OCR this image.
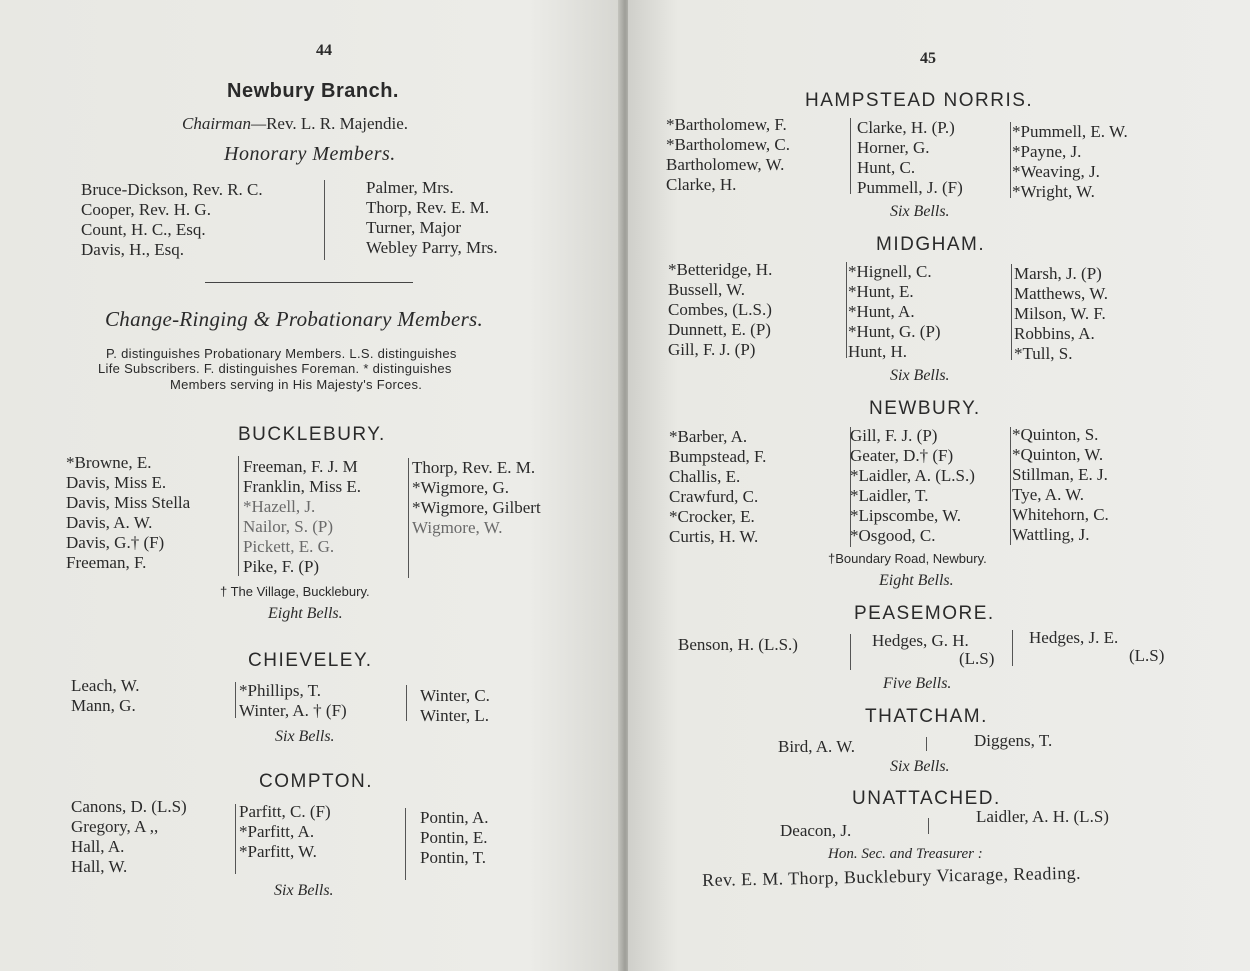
44
Newbury Branch.
Chairman—Rev. L. R. Majendie.
Honorary Members.
Bruce-Dickson, Rev. R. C.
Cooper, Rev. H. G.
Count, H. C., Esq.
Davis, H., Esq.
Palmer, Mrs.
Thorp, Rev. E. M.
Turner, Major
Webley Parry, Mrs.
Change-Ringing & Probationary Members.
P. distinguishes Probationary Members. L.S. distinguishes
Life Subscribers. F. distinguishes Foreman. * distinguishes
Members serving in His Majesty's Forces.
BUCKLEBURY.
*Browne, E.
Davis, Miss E.
Davis, Miss Stella
Davis, A. W.
Davis, G.† (F)
Freeman, F.
Freeman, F. J. M
Franklin, Miss E.
*Hazell, J.
Nailor, S. (P)
Pickett, E. G.
Pike, F. (P)
Thorp, Rev. E. M.
*Wigmore, G.
*Wigmore, Gilbert
Wigmore, W.
† The Village, Bucklebury.
Eight Bells.
CHIEVELEY.
Leach, W.
Mann, G.
*Phillips, T.
Winter, A. † (F)
Winter, C.
Winter, L.
Six Bells.
COMPTON.
Canons, D. (L.S)
Gregory, A ,,
Hall, A.
Hall, W.
Parfitt, C. (F)
*Parfitt, A.
*Parfitt, W.
Pontin, A.
Pontin, E.
Pontin, T.
Six Bells.
45
HAMPSTEAD NORRIS.
*Bartholomew, F.
*Bartholomew, C.
Bartholomew, W.
Clarke, H.
Clarke, H. (P.)
Horner, G.
Hunt, C.
Pummell, J. (F)
*Pummell, E. W.
*Payne, J.
*Weaving, J.
*Wright, W.
Six Bells.
MIDGHAM.
*Betteridge, H.
Bussell, W.
Combes, (L.S.)
Dunnett, E. (P)
Gill, F. J. (P)
*Hignell, C.
*Hunt, E.
*Hunt, A.
*Hunt, G. (P)
Hunt, H.
Marsh, J. (P)
Matthews, W.
Milson, W. F.
Robbins, A.
*Tull, S.
Six Bells.
NEWBURY.
*Barber, A.
Bumpstead, F.
Challis, E.
Crawfurd, C.
*Crocker, E.
Curtis, H. W.
Gill, F. J. (P)
Geater, D.† (F)
*Laidler, A. (L.S.)
*Laidler, T.
*Lipscombe, W.
*Osgood, C.
*Quinton, S.
*Quinton, W.
Stillman, E. J.
Tye, A. W.
Whitehorn, C.
Wattling, J.
†Boundary Road, Newbury.
Eight Bells.
PEASEMORE.
Benson, H. (L.S.)	Hedges, G. H.
(L.S)
Hedges, J. E.
(L.S)
Five Bells.
THATCHAM.
Bird, A. W.	Diggens, T.
Six Bells.
UNATTACHED.
Deacon, J.
Laidler, A. H. (L.S)
Hon. Sec. and Treasurer :
Rev. E. M. Thorp, Bucklebury Vicarage, Reading.
